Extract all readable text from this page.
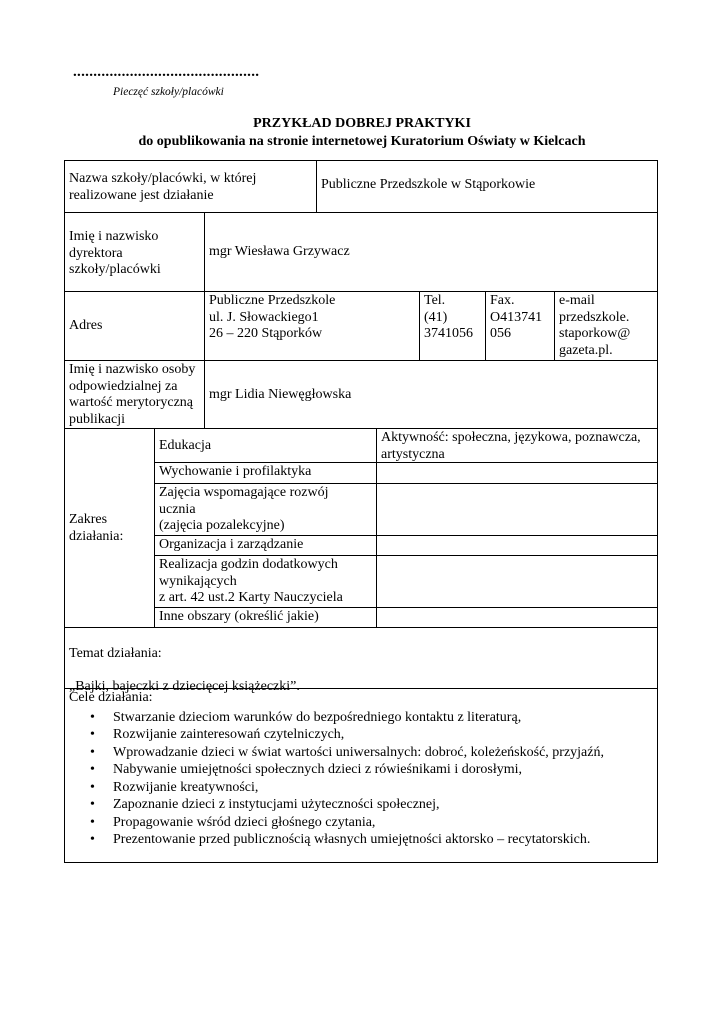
..............................................
Pieczęć szkoły/placówki
PRZYKŁAD DOBREJ PRAKTYKI
do opublikowania na stronie internetowej Kuratorium Oświaty w Kielcach
Nazwa szkoły/placówki, w której
realizowane jest działanie
Publiczne Przedszkole w Stąporkowie
Imię i nazwisko
dyrektora
szkoły/placówki
mgr Wiesława Grzywacz
Adres
Publiczne Przedszkole
ul. J. Słowackiego1
26 – 220 Stąporków
Tel.
(41)
3741056
Fax.
O413741
056
e-mail
przedszkole.
staporkow@
gazeta.pl.
Imię i nazwisko osoby
odpowiedzialnej za
wartość merytoryczną
publikacji
mgr Lidia Niewęgłowska
Zakres
działania:
Edukacja
Aktywność: społeczna, językowa, poznawcza,
artystyczna
Wychowanie i profilaktyka
Zajęcia wspomagające rozwój
ucznia
(zajęcia pozalekcyjne)
Organizacja i zarządzanie
Realizacja godzin dodatkowych
wynikających
z art. 42 ust.2 Karty Nauczyciela
Inne obszary (określić jakie)

Temat działania:

„Bajki, bajeczki z dziecięcej książeczki”.

Cele działania:
• Stwarzanie dzieciom warunków do bezpośredniego kontaktu z literaturą,
• Rozwijanie zainteresowań czytelniczych,
• Wprowadzanie dzieci w świat wartości uniwersalnych: dobroć, koleżeńskość, przyjaźń,
• Nabywanie umiejętności społecznych dzieci z rówieśnikami i dorosłymi,
• Rozwijanie kreatywności,
• Zapoznanie dzieci z instytucjami użyteczności społecznej,
• Propagowanie wśród dzieci głośnego czytania,
• Prezentowanie przed publicznością własnych umiejętności aktorsko – recytatorskich.
